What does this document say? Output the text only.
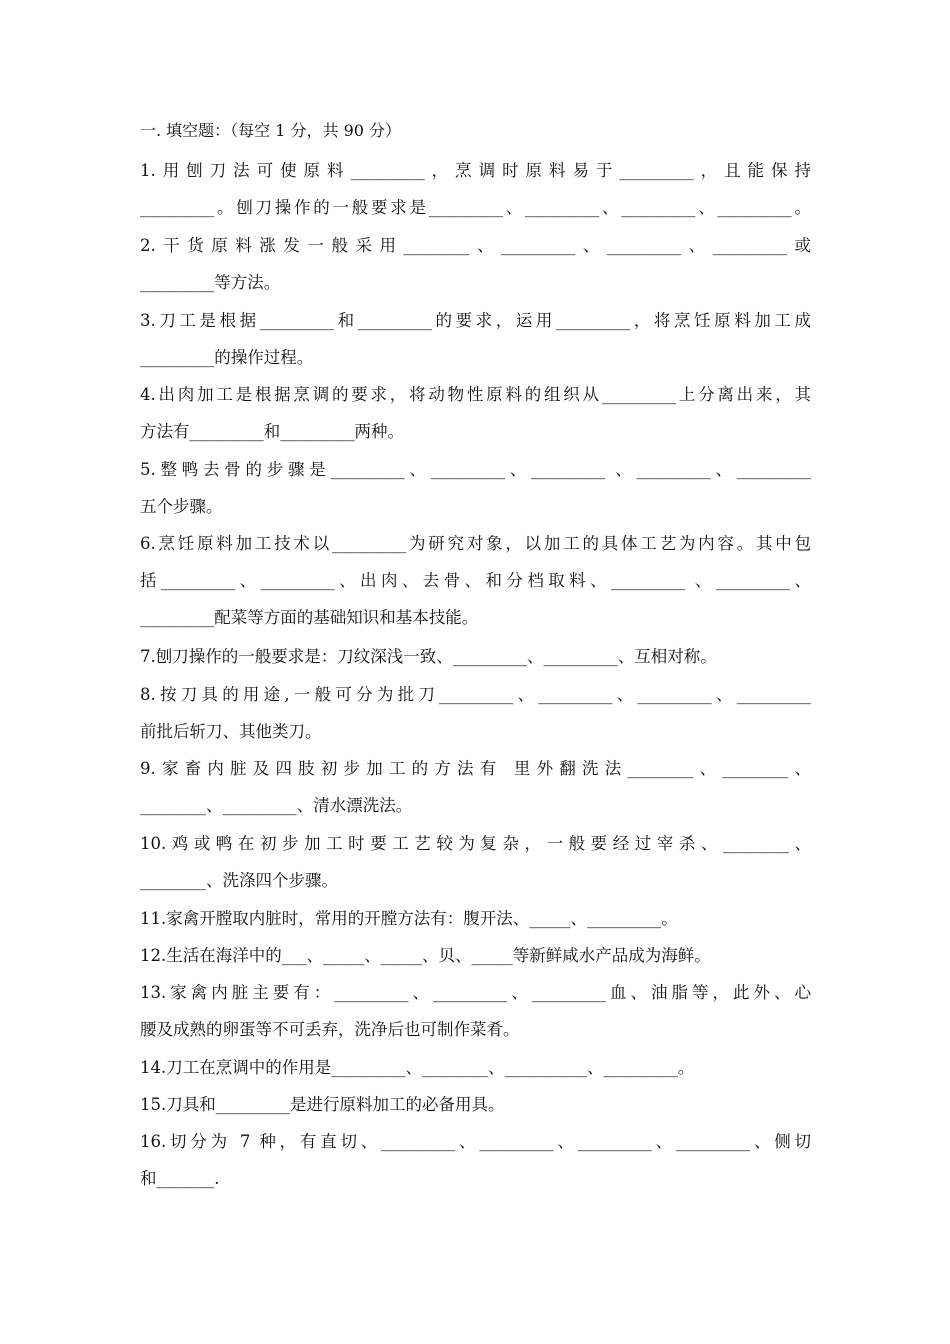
一. 填空题：（每空 1 分，共 90 分）
1.用刨刀法可使原料_________，烹调时原料易于_________，且能保持
_________。刨刀操作的一般要求是_________、_________、_________、_________。
2.干货原料涨发一般采用________、_________、_________、_________或
_________等方法。
3.刀工是根据_________和_________的要求，运用_________，将烹饪原料加工成
_________的操作过程。
4.出肉加工是根据烹调的要求，将动物性原料的组织从_________上分离出来，其
方法有_________和_________两种。
5.整鸭去骨的步骤是_________、_________、_________ 、_________、_________
五个步骤。
6.烹饪原料加工技术以_________为研究对象，以加工的具体工艺为内容。其中包
括_________、_________、出肉、去骨、和分档取料、_________ 、_________、
_________配菜等方面的基础知识和基本技能。
7.刨刀操作的一般要求是：刀纹深浅一致、_________、_________、互相对称。
8.按刀具的用途,一般可分为批刀_________、_________、_________、_________
前批后斩刀、其他类刀。
9.家畜内脏及四肢初步加工的方法有 里外翻洗法________、________、
________、_________、清水漂洗法。
10.鸡或鸭在初步加工时要工艺较为复杂，一般要经过宰杀、________、
________、洗涤四个步骤。
11.家禽开膛取内脏时，常用的开膛方法有：腹开法、_____、_________。
12.生活在海洋中的___、_____、_____、贝、_____等新鲜咸水产品成为海鲜。
13.家禽内脏主要有：_________、_________、_________血、油脂等，此外、心
腰及成熟的卵蛋等不可丢弃，洗净后也可制作菜肴。
14.刀工在烹调中的作用是_________、________、__________、_________。
15.刀具和_________是进行原料加工的必备用具。
16.切分为 7 种，有直切、_________、_________、_________、_________、侧切
和_______.
